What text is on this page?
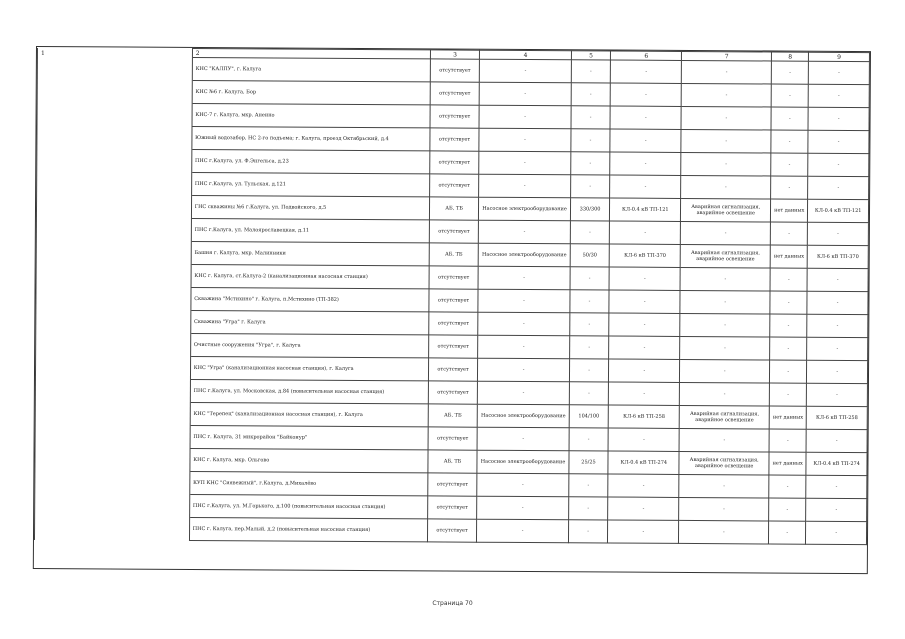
1	2	3	4	5	6	7	8	9
	КНС "КАЛПУ", г. Калуга	отсутствует	-	-	-	-	-	-
	КНС №6 г. Калуга, Бор	отсутствует	-	-	-	-	-	-
	КНС-7 г. Калуга, мкр. Анеино	отсутствует	-	-	-	-	-	-
	Южный водозабор, НС 2-го подъема; г. Калуга, проезд Октябрьский, д.4	отсутствует	-	-	-	-	-	-
	ПНС г.Калуга, ул. Ф.Энгельса, д.23	отсутствует	-	-	-	-	-	-
	ПНС г.Калуга, ул. Тульская, д.121	отсутствует	-	-	-	-	-	-
	ГНС скважины №6 г.Калуга, ул. Подвойского, д.5	АБ, ТБ	Насосное электрооборудование	330/300	КЛ-0.4 кВ ТП-121	Аварийная сигнализация, аварийное освещение	нет данных	КЛ-0.4 кВ ТП-121
	ПНС г.Калуга, ул. Малоярославецкая, д.11	отсутствует	-	-	-	-	-	-
	Башня г. Калуга, мкр. Малинники	АБ, ТБ	Насосное электрооборудование	50/30	КЛ-6 кВ ТП-370	Аварийная сигнализация, аварийное освещение	нет данных	КЛ-6 кВ ТП-370
	КНС г. Калуга, ст.Калуга-2 (канализационная насосная станция)	отсутствует	-	-	-	-	-	-
	Скважина "Мстихино" г. Калуга, п.Мстихино (ТП-382)	отсутствует	-	-	-	-	-	-
	Скважина "Угра" г. Калуга	отсутствует	-	-	-	-	-	-
	Очистные сооружения "Угра", г. Калуга	отсутствует	-	-	-	-	-	-
	КНС "Угра" (канализационная насосная станция), г. Калуга	отсутствует	-	-	-	-	-	-
	ПНС г.Калуга, ул. Московская, д.84 (повысительная насосная станция)	отсутствует	-	-	-	-	-	-
	КНС "Терепец" (канализационная насосная станция), г. Калуга	АБ, ТБ	Насосное электрооборудование	104/100	КЛ-6 кВ ТП-258	Аварийная сигнализация, аварийное освещение	нет данных	КЛ-6 кВ ТП-258
	ПНС г. Калуга, 31 микрорайон "Байконур"	отсутствует	-	-	-	-	-	-
	КНС г. Калуга, мкр. Ольгово	АБ, ТБ	Насосное электрооборудование	25/25	КЛ-0.4 кВ ТП-274	Аварийная сигнализация, аварийное освещение	нет данных	КЛ-0.4 кВ ТП-274
	КУП КНС "Сиявежный", г.Калуга, д.Михалёво	отсутствует	-	-	-	-	-	-
	ПНС г.Калуга, ул. М.Горького, д.100 (повысительная насосная станция)	отсутствует	-	-	-	-	-	-
	ПНС г. Калуга, пер.Малый, д.2 (повысительная насосная станция)	отсутствует	-	-	-	-	-	-
Страница 70
